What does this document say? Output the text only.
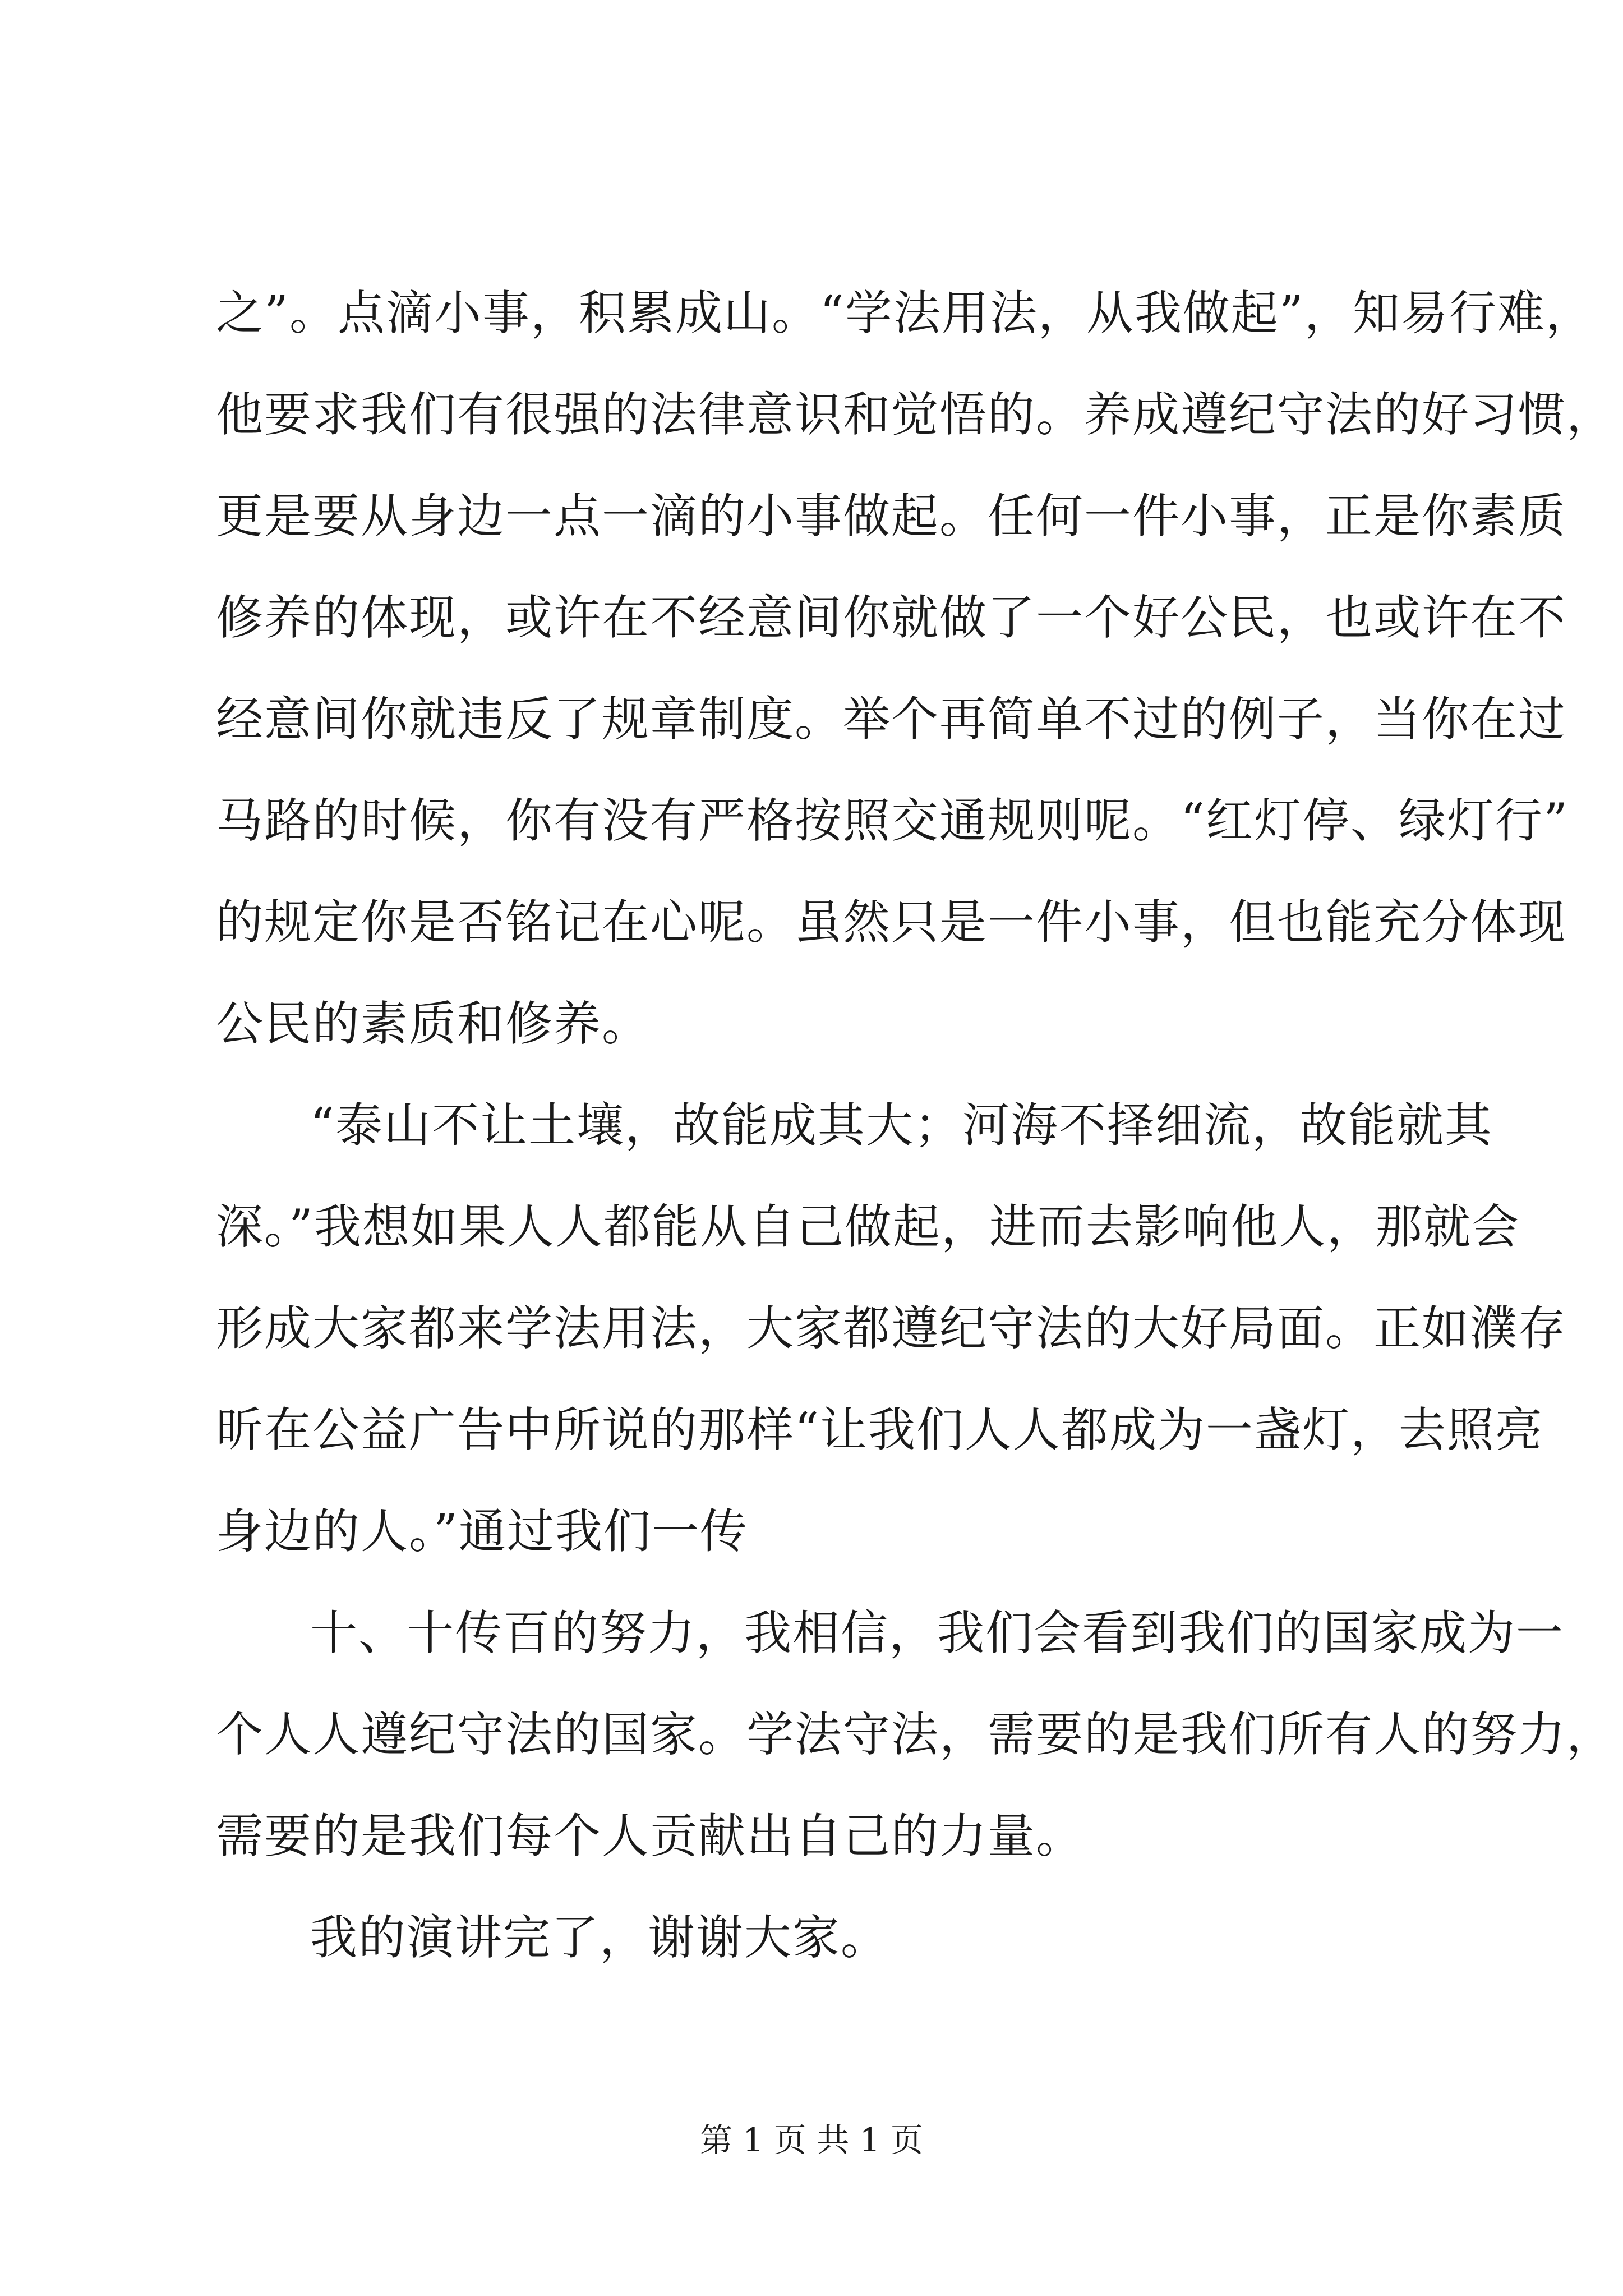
之”。点滴小事，积累成山。“学法用法，从我做起”，知易行难，
他要求我们有很强的法律意识和觉悟的。养成遵纪守法的好习惯，
更是要从身边一点一滴的小事做起。任何一件小事，正是你素质
修养的体现，或许在不经意间你就做了一个好公民，也或许在不
经意间你就违反了规章制度。举个再简单不过的例子，当你在过
马路的时候，你有没有严格按照交通规则呢。“红灯停、绿灯行”
的规定你是否铭记在心呢。虽然只是一件小事，但也能充分体现
公民的素质和修养。
“泰山不让土壤，故能成其大；河海不择细流，故能就其
深。”我想如果人人都能从自己做起，进而去影响他人，那就会
形成大家都来学法用法，大家都遵纪守法的大好局面。正如濮存
昕在公益广告中所说的那样“让我们人人都成为一盏灯，去照亮
身边的人。”通过我们一传
十、十传百的努力，我相信，我们会看到我们的国家成为一
个人人遵纪守法的国家。学法守法，需要的是我们所有人的努力，
需要的是我们每个人贡献出自己的力量。
我的演讲完了，谢谢大家。
第 1 页 共 1 页
